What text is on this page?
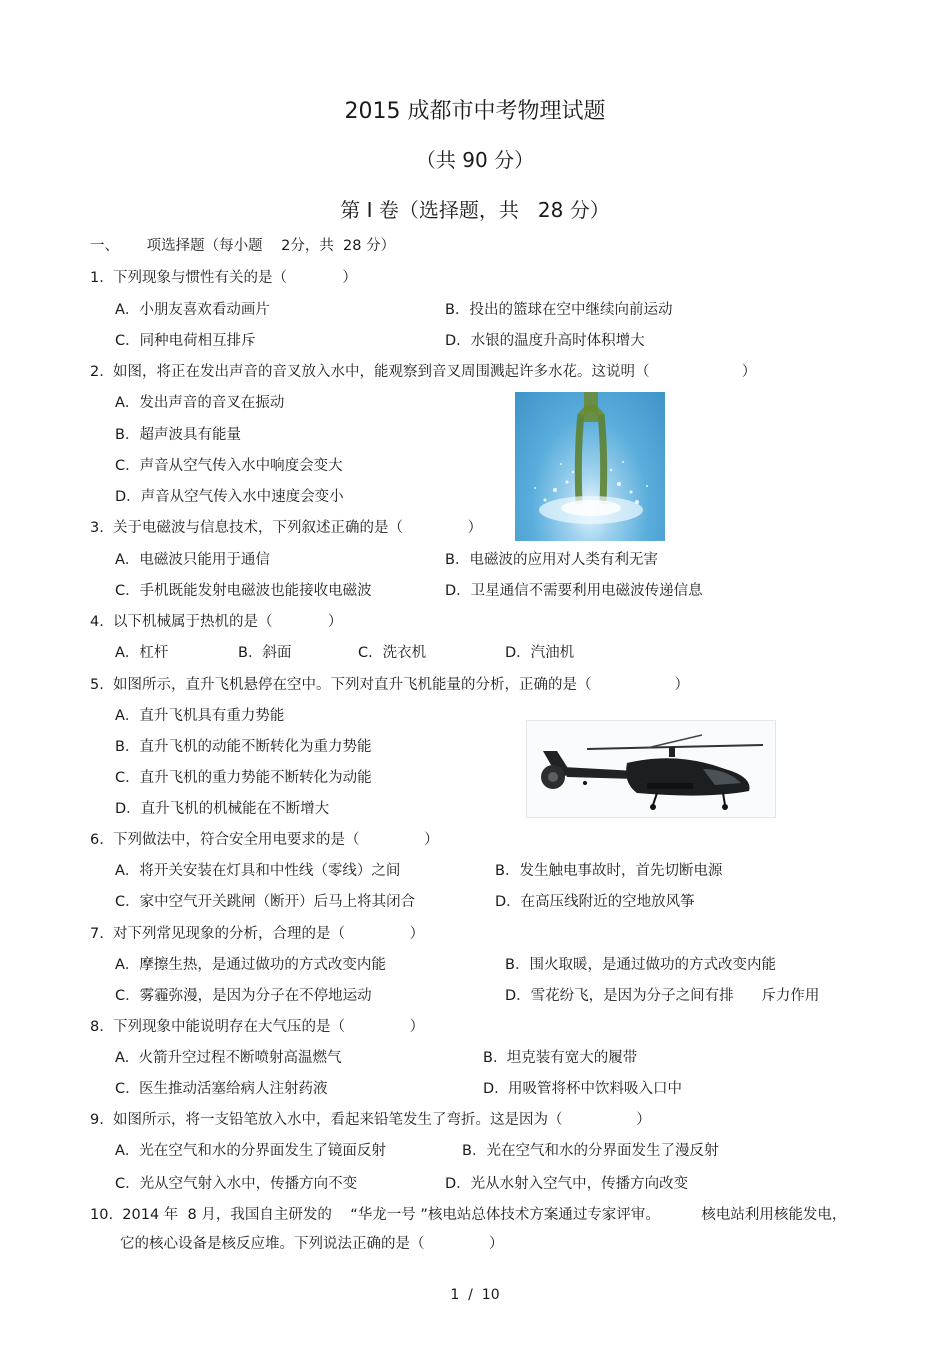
2015 成都市中考物理试题
（共 90 分）
第 I 卷（选择题，共   28 分）
一、      项选择题（每小题    2分，共  28 分）
1.  下列现象与惯性有关的是（            ）
A．小朋友喜欢看动画片	B．投出的篮球在空中继续向前运动
C．同种电荷相互排斥	D．水银的温度升高时体积增大
2.  如图，将正在发出声音的音叉放入水中，能观察到音叉周围溅起许多水花。这说明（                    ）
A．发出声音的音叉在振动
B．超声波具有能量
C．声音从空气传入水中响度会变大
D．声音从空气传入水中速度会变小
3.  关于电磁波与信息技术，下列叙述正确的是（              ）
A．电磁波只能用于通信	B．电磁波的应用对人类有利无害
C．手机既能发射电磁波也能接收电磁波	D．卫星通信不需要利用电磁波传递信息
4.  以下机械属于热机的是（            ）
A．杠杆	B．斜面	C．洗衣机	D．汽油机
5.  如图所示，直升飞机悬停在空中。下列对直升飞机能量的分析，正确的是（                  ）
A．直升飞机具有重力势能
B．直升飞机的动能不断转化为重力势能
C．直升飞机的重力势能不断转化为动能
D．直升飞机的机械能在不断增大
6.  下列做法中，符合安全用电要求的是（              ）
A．将开关安装在灯具和中性线（零线）之间	B．发生触电事故时，首先切断电源
C．家中空气开关跳闸（断开）后马上将其闭合	D．在高压线附近的空地放风筝
7.  对下列常见现象的分析，合理的是（              ）
A．摩擦生热，是通过做功的方式改变内能	B．围火取暖，是通过做功的方式改变内能
C．雾霾弥漫，是因为分子在不停地运动	D．雪花纷飞，是因为分子之间有排      斥力作用
8.  下列现象中能说明存在大气压的是（              ）
A.  火箭升空过程不断喷射高温燃气	B.  坦克装有宽大的履带
C.  医生推动活塞给病人注射药液	D.  用吸管将杯中饮料吸入口中
9.  如图所示，将一支铅笔放入水中，看起来铅笔发生了弯折。这是因为（                ）
A．光在空气和水的分界面发生了镜面反射	B．光在空气和水的分界面发生了漫反射
C．光从空气射入水中，传播方向不变	D．光从水射入空气中，传播方向改变
10.  2014 年  8 月，我国自主研发的    “华龙一号 ”核电站总体技术方案通过专家评审。         核电站利用核能发电，
它的核心设备是核反应堆。下列说法正确的是（              ）
1  /  10
